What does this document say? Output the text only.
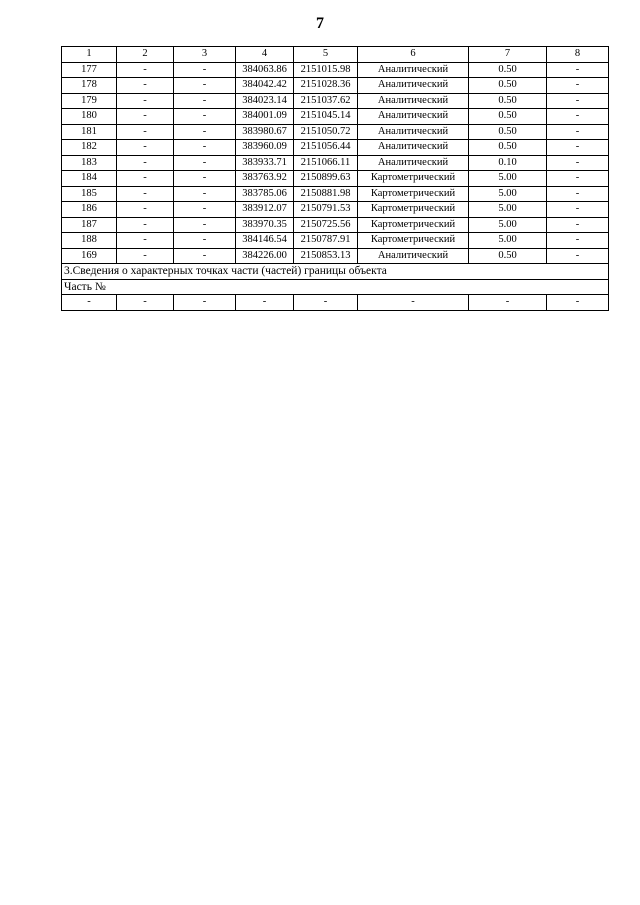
7
1	2	3	4	5	6	7	8
177	-	-	384063.86	2151015.98	Аналитический	0.50	-
178	-	-	384042.42	2151028.36	Аналитический	0.50	-
179	-	-	384023.14	2151037.62	Аналитический	0.50	-
180	-	-	384001.09	2151045.14	Аналитический	0.50	-
181	-	-	383980.67	2151050.72	Аналитический	0.50	-
182	-	-	383960.09	2151056.44	Аналитический	0.50	-
183	-	-	383933.71	2151066.11	Аналитический	0.10	-
184	-	-	383763.92	2150899.63	Картометрический	5.00	-
185	-	-	383785.06	2150881.98	Картометрический	5.00	-
186	-	-	383912.07	2150791.53	Картометрический	5.00	-
187	-	-	383970.35	2150725.56	Картометрический	5.00	-
188	-	-	384146.54	2150787.91	Картометрический	5.00	-
169	-	-	384226.00	2150853.13	Аналитический	0.50	-
3.Сведения о характерных точках части (частей) границы объекта							
Часть №							
-	-	-	-	-	-	-	-
